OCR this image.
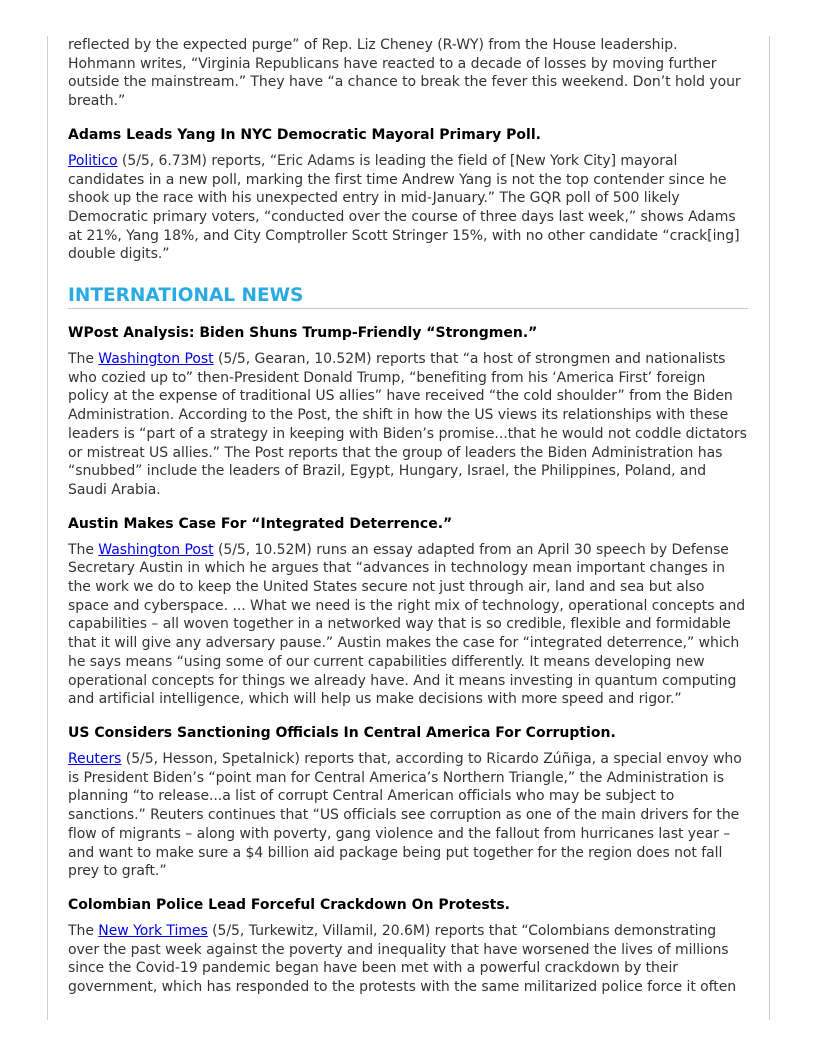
reflected by the expected purge” of Rep. Liz Cheney (R-WY) from the House leadership. Hohmann writes, “Virginia Republicans have reacted to a decade of losses by moving further outside the mainstream.” They have “a chance to break the fever this weekend. Don’t hold your breath.”

Adams Leads Yang In NYC Democratic Mayoral Primary Poll.

Politico (5/5, 6.73M) reports, “Eric Adams is leading the field of [New York City] mayoral candidates in a new poll, marking the first time Andrew Yang is not the top contender since he shook up the race with his unexpected entry in mid-January.” The GQR poll of 500 likely Democratic primary voters, “conducted over the course of three days last week,” shows Adams at 21%, Yang 18%, and City Comptroller Scott Stringer 15%, with no other candidate “crack[ing] double digits.”

INTERNATIONAL NEWS
WPost Analysis: Biden Shuns Trump-Friendly “Strongmen.”

The Washington Post (5/5, Gearan, 10.52M) reports that “a host of strongmen and nationalists who cozied up to” then-President Donald Trump, “benefiting from his ‘America First’ foreign policy at the expense of traditional US allies” have received “the cold shoulder” from the Biden Administration. According to the Post, the shift in how the US views its relationships with these leaders is “part of a strategy in keeping with Biden’s promise...that he would not coddle dictators or mistreat US allies.” The Post reports that the group of leaders the Biden Administration has “snubbed” include the leaders of Brazil, Egypt, Hungary, Israel, the Philippines, Poland, and Saudi Arabia.

Austin Makes Case For “Integrated Deterrence.”

The Washington Post (5/5, 10.52M) runs an essay adapted from an April 30 speech by Defense Secretary Austin in which he argues that “advances in technology mean important changes in the work we do to keep the United States secure not just through air, land and sea but also space and cyberspace. ... What we need is the right mix of technology, operational concepts and capabilities – all woven together in a networked way that is so credible, flexible and formidable that it will give any adversary pause.” Austin makes the case for “integrated deterrence,” which he says means “using some of our current capabilities differently. It means developing new operational concepts for things we already have. And it means investing in quantum computing and artificial intelligence, which will help us make decisions with more speed and rigor.”

US Considers Sanctioning Officials In Central America For Corruption.

Reuters (5/5, Hesson, Spetalnick) reports that, according to Ricardo Zúñiga, a special envoy who is President Biden’s “point man for Central America’s Northern Triangle,” the Administration is planning “to release...a list of corrupt Central American officials who may be subject to sanctions.” Reuters continues that “US officials see corruption as one of the main drivers for the flow of migrants – along with poverty, gang violence and the fallout from hurricanes last year – and want to make sure a $4 billion aid package being put together for the region does not fall prey to graft.”

Colombian Police Lead Forceful Crackdown On Protests.

The New York Times (5/5, Turkewitz, Villamil, 20.6M) reports that “Colombians demonstrating over the past week against the poverty and inequality that have worsened the lives of millions since the Covid-19 pandemic began have been met with a powerful crackdown by their government, which has responded to the protests with the same militarized police force it often
